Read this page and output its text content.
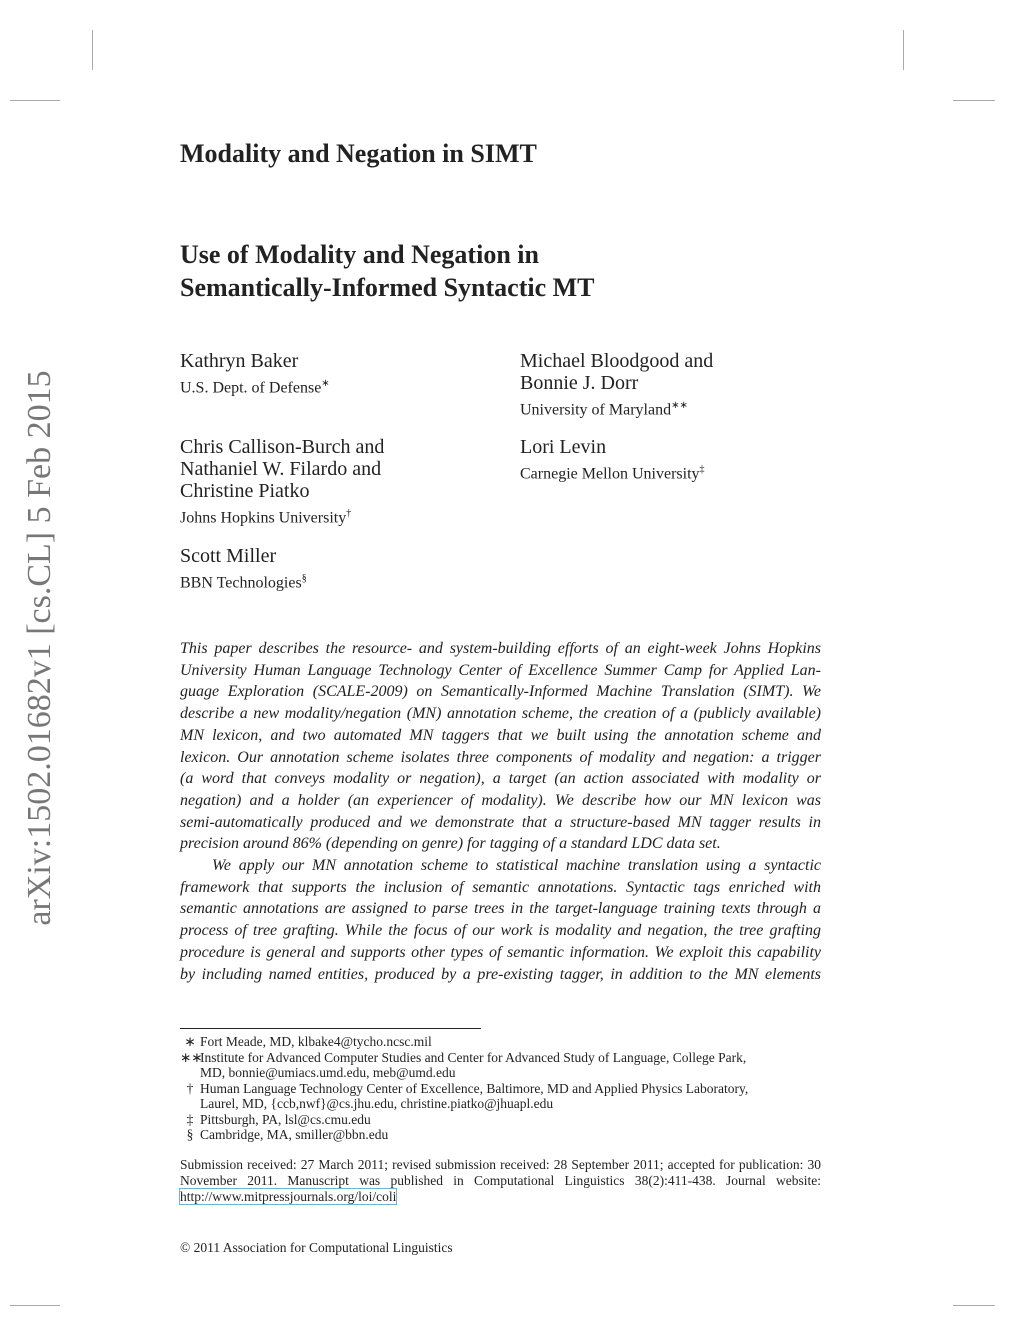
arXiv:1502.01682v1 [cs.CL] 5 Feb 2015
Modality and Negation in SIMT
Use of Modality and Negation in
Semantically-Informed Syntactic MT
Kathryn Baker
U.S. Dept. of Defense∗
Michael Bloodgood and
Bonnie J. Dorr
University of Maryland∗∗
Chris Callison-Burch and
Nathaniel W. Filardo and
Christine Piatko
Johns Hopkins University†
Lori Levin
Carnegie Mellon University‡
Scott Miller
BBN Technologies§
This paper describes the resource- and system-building efforts of an eight-week Johns Hopkins
University Human Language Technology Center of Excellence Summer Camp for Applied Lan-
guage Exploration (SCALE-2009) on Semantically-Informed Machine Translation (SIMT). We
describe a new modality/negation (MN) annotation scheme, the creation of a (publicly available)
MN lexicon, and two automated MN taggers that we built using the annotation scheme and
lexicon. Our annotation scheme isolates three components of modality and negation: a trigger
(a word that conveys modality or negation), a target (an action associated with modality or
negation) and a holder (an experiencer of modality). We describe how our MN lexicon was
semi-automatically produced and we demonstrate that a structure-based MN tagger results in
precision around 86% (depending on genre) for tagging of a standard LDC data set.
We apply our MN annotation scheme to statistical machine translation using a syntactic
framework that supports the inclusion of semantic annotations. Syntactic tags enriched with
semantic annotations are assigned to parse trees in the target-language training texts through a
process of tree grafting. While the focus of our work is modality and negation, the tree grafting
procedure is general and supports other types of semantic information. We exploit this capability
by including named entities, produced by a pre-existing tagger, in addition to the MN elements
∗ Fort Meade, MD, klbake4@tycho.ncsc.mil
∗∗
Institute for Advanced Computer Studies and Center for Advanced Study of Language, College Park,
MD, bonnie@umiacs.umd.edu, meb@umd.edu
† Human Language Technology Center of Excellence, Baltimore, MD and Applied Physics Laboratory,
Laurel, MD, {ccb,nwf}@cs.jhu.edu, christine.piatko@jhuapl.edu
‡ Pittsburgh, PA, lsl@cs.cmu.edu
§ Cambridge, MA, smiller@bbn.edu
Submission received: 27 March 2011; revised submission received: 28 September 2011; accepted for publication: 30 November 2011. Manuscript was published in Computational Linguistics 38(2):411-438. Journal website: http://www.mitpressjournals.org/loi/coli
© 2011 Association for Computational Linguistics
